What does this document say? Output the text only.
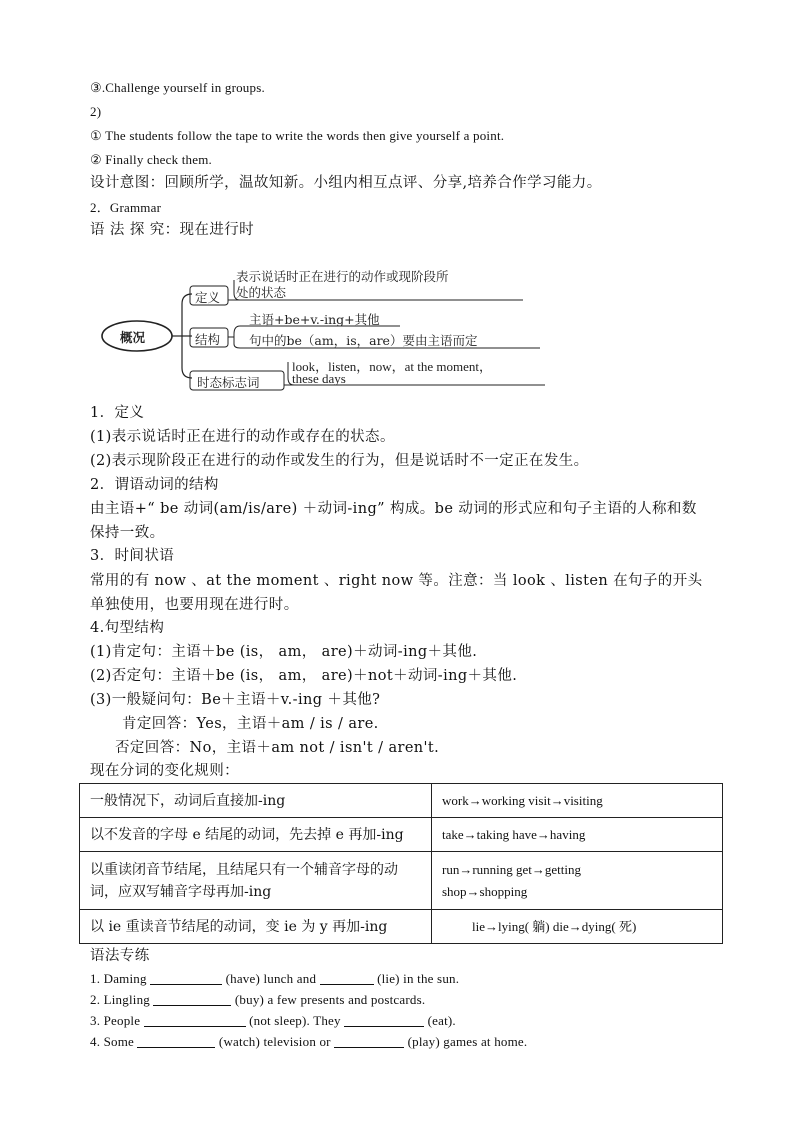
③.Challenge yourself in groups.
2)
① The students follow the tape to write the words then give yourself a point.
② Finally check them.
设计意图：回顾所学，温故知新。小组内相互点评、分享,培养合作学习能力。
2．Grammar
语 法 探 究：现在进行时
概况
定义
表示说话时正在进行的动作或现阶段所
处的状态
结构
主语+be+v.-ing+其他
句中的be（am，is，are）要由主语而定
时态标志词
look，listen，now，at the moment，
these days
1．定义
(1)表示说话时正在进行的动作或存在的状态。
(2)表示现阶段正在进行的动作或发生的行为，但是说话时不一定正在发生。
2．谓语动词的结构
由主语+“ be 动词(am/is/are) ＋动词-ing” 构成。be 动词的形式应和句子主语的人称和数保持一致。
3．时间状语
常用的有 now 、at the moment 、right now 等。注意：当 look 、listen 在句子的开头单独使用，也要用现在进行时。
4.句型结构
(1)肯定句：主语＋be (is， am， are)＋动词-ing＋其他.
(2)否定句：主语＋be (is， am， are)＋not＋动词-ing＋其他.
(3)一般疑问句：Be＋主语＋v.-ing ＋其他?
肯定回答：Yes，主语＋am / is / are.
否定回答：No，主语＋am not / isn't / aren't.
现在分词的变化规则：
一般情况下，动词后直接加-ing	work→working visit→visiting
以不发音的字母 e 结尾的动词，先去掉 e 再加-ing	take→taking have→having
以重读闭音节结尾，且结尾只有一个辅音字母的动词，应双写辅音字母再加-ing	run→running get→getting
shop→shopping

以 ie 重读音节结尾的动词，变 ie 为 y 再加-ing	lie→lying( 躺) die→dying( 死)
语法专练
1. Daming	(have) lunch and	(lie) in the sun.
2. Lingling	(buy) a few presents and postcards.
3. People	(not sleep). They	(eat).
4. Some	(watch) television or	(play) games at home.
